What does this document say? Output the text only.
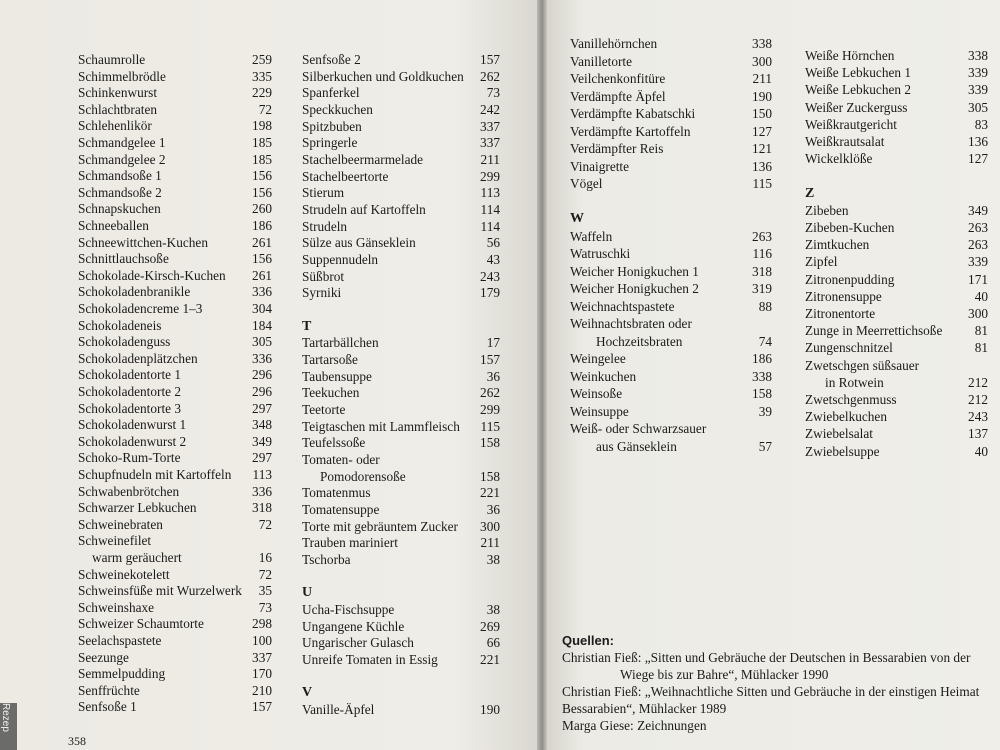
Schaumrolle	259
Schimmelbrödle	335
Schinkenwurst	229
Schlachtbraten	72
Schlehenlikör	198
Schmandgelee 1	185
Schmandgelee 2	185
Schmandsoße 1	156
Schmandsoße 2	156
Schnapskuchen	260
Schneeballen	186
Schneewittchen-Kuchen	261
Schnittlauchsoße	156
Schokolade-Kirsch-Kuchen	261
Schokoladenbranikle	336
Schokoladencreme 1–3	304
Schokoladeneis	184
Schokoladenguss	305
Schokoladenplätzchen	336
Schokoladentorte 1	296
Schokoladentorte 2	296
Schokoladentorte 3	297
Schokoladenwurst 1	348
Schokoladenwurst 2	349
Schoko-Rum-Torte	297
Schupfnudeln mit Kartoffeln	113
Schwabenbrötchen	336
Schwarzer Lebkuchen	318
Schweinebraten	72
Schweinefilet
warm geräuchert	16
Schweinekotelett	72
Schweinsfüße mit Wurzelwerk	35
Schweinshaxe	73
Schweizer Schaumtorte	298
Seelachspastete	100
Seezunge	337
Semmelpudding	170
Senffrüchte	210
Senfsoße 1	157
Senfsoße 2	157
Silberkuchen und Goldkuchen	262
Spanferkel	73
Speckkuchen	242
Spitzbuben	337
Springerle	337
Stachelbeermarmelade	211
Stachelbeertorte	299
Stierum	113
Strudeln auf Kartoffeln	114
Strudeln	114
Sülze aus Gänseklein	56
Suppennudeln	43
Süßbrot	243
Syrniki	179
T
Tartarbällchen	17
Tartarsoße	157
Taubensuppe	36
Teekuchen	262
Teetorte	299
Teigtaschen mit Lammfleisch	115
Teufelssoße	158
Tomaten- oder
Pomodorensoße	158
Tomatenmus	221
Tomatensuppe	36
Torte mit gebräuntem Zucker	300
Trauben mariniert	211
Tschorba	38
U
Ucha-Fischsuppe	38
Ungangene Küchle	269
Ungarischer Gulasch	66
Unreife Tomaten in Essig	221
V
Vanille-Äpfel	190
Rezep
358
Vanillehörnchen	338
Vanilletorte	300
Veilchenkonfitüre	211
Verdämpfte Äpfel	190
Verdämpfte Kabatschki	150
Verdämpfte Kartoffeln	127
Verdämpfter Reis	121
Vinaigrette	136
Vögel	115
W
Waffeln	263
Watruschki	116
Weicher Honigkuchen 1	318
Weicher Honigkuchen 2	319
Weichnachtspastete	88
Weihnachtsbraten oder
Hochzeitsbraten	74
Weingelee	186
Weinkuchen	338
Weinsoße	158
Weinsuppe	39
Weiß- oder Schwarzsauer
aus Gänseklein	57
Weiße Hörnchen	338
Weiße Lebkuchen 1	339
Weiße Lebkuchen 2	339
Weißer Zuckerguss	305
Weißkrautgericht	83
Weißkrautsalat	136
Wickelklöße	127
Z
Zibeben	349
Zibeben-Kuchen	263
Zimtkuchen	263
Zipfel	339
Zitronenpudding	171
Zitronensuppe	40
Zitronentorte	300
Zunge in Meerrettichsoße	81
Zungenschnitzel	81
Zwetschgen süßsauer
in Rotwein	212
Zwetschgenmuss	212
Zwiebelkuchen	243
Zwiebelsalat	137
Zwiebelsuppe	40
Quellen:
Christian Fieß: „Sitten und Gebräuche der Deutschen in Bessarabien von der
Wiege bis zur Bahre“, Mühlacker 1990
Christian Fieß: „Weihnachtliche Sitten und Gebräuche in der einstigen Heimat
Bessarabien“, Mühlacker 1989
Marga Giese: Zeichnungen
